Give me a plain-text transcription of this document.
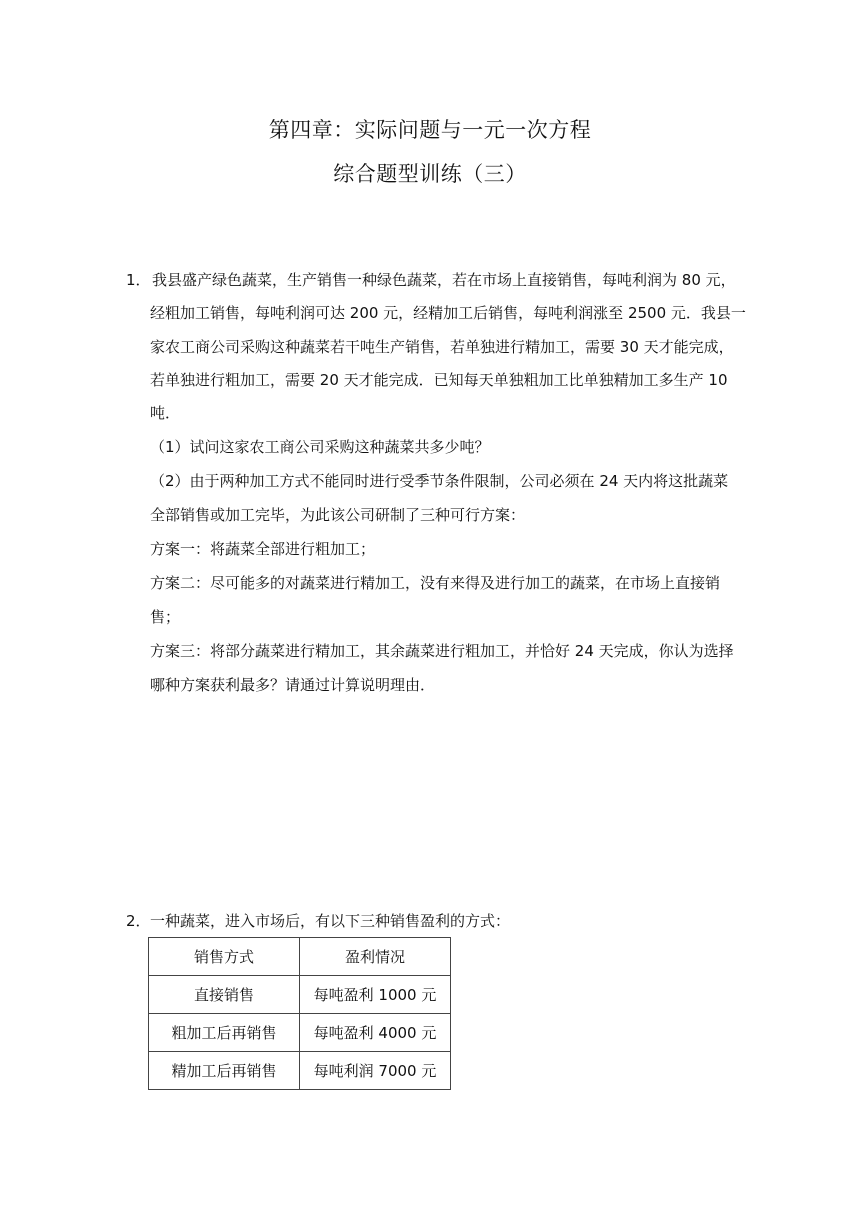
第四章：实际问题与一元一次方程
综合题型训练（三）
1． 我县盛产绿色蔬菜，生产销售一种绿色蔬菜，若在市场上直接销售，每吨利润为 80 元，
经粗加工销售，每吨利润可达 200 元，经精加工后销售，每吨利润涨至 2500 元．我县一
家农工商公司采购这种蔬菜若干吨生产销售，若单独进行精加工，需要 30 天才能完成，
若单独进行粗加工，需要 20 天才能完成．已知每天单独粗加工比单独精加工多生产 10
吨．
（1）试问这家农工商公司采购这种蔬菜共多少吨？
（2）由于两种加工方式不能同时进行受季节条件限制，公司必须在 24 天内将这批蔬菜
全部销售或加工完毕，为此该公司研制了三种可行方案：
方案一：将蔬菜全部进行粗加工；
方案二：尽可能多的对蔬菜进行精加工，没有来得及进行加工的蔬菜，在市场上直接销
售；
方案三：将部分蔬菜进行精加工，其余蔬菜进行粗加工，并恰好 24 天完成，你认为选择
哪种方案获利最多？请通过计算说明理由．
2． 一种蔬菜，进入市场后，有以下三种销售盈利的方式：
销售方式	盈利情况
直接销售	每吨盈利 1000 元
粗加工后再销售	每吨盈利 4000 元
精加工后再销售	每吨利润 7000 元
